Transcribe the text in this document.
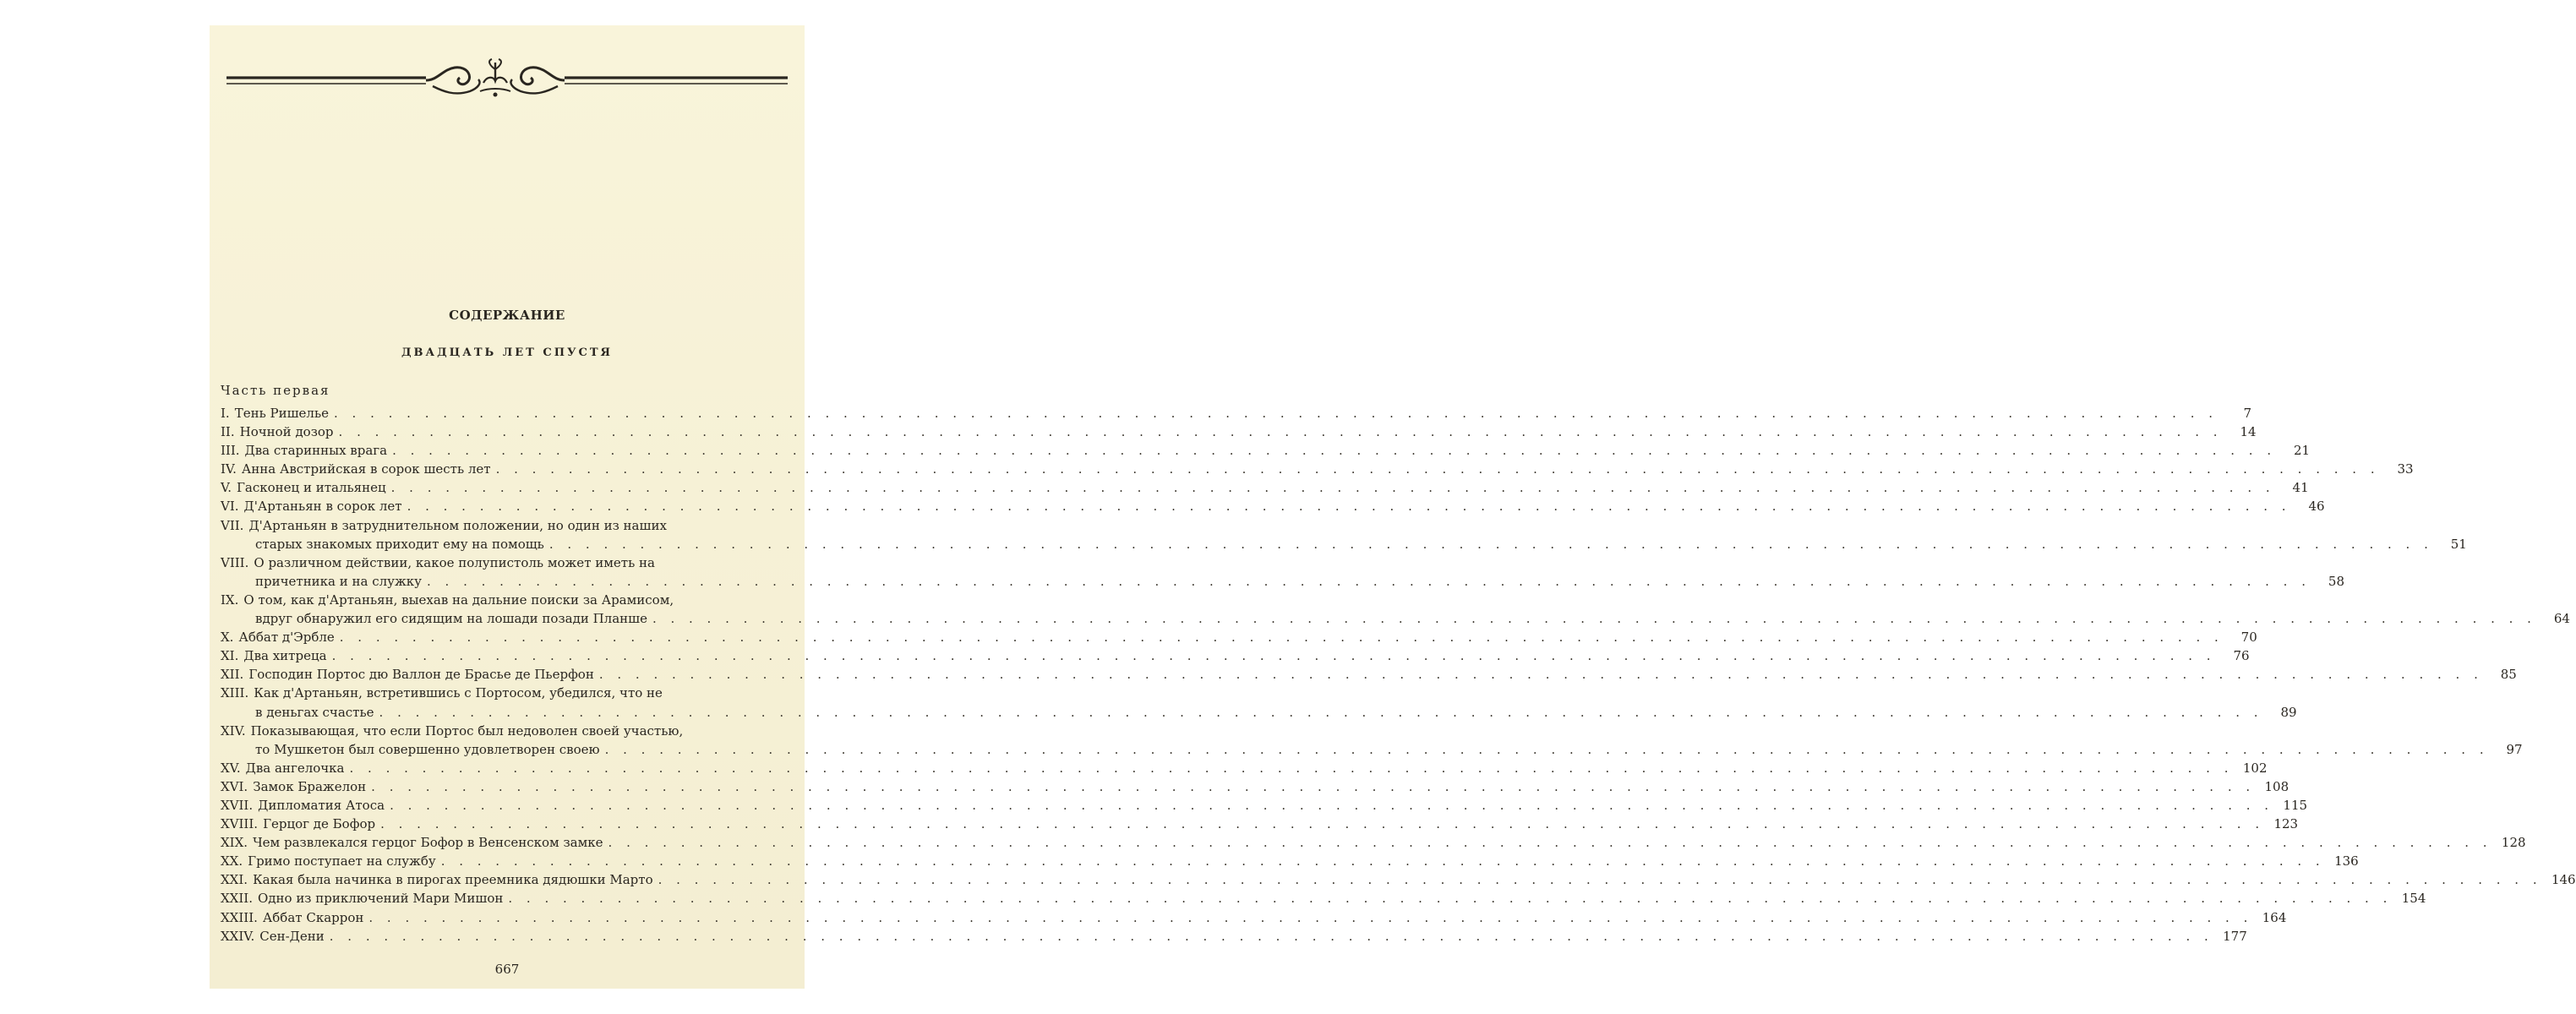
СОДЕРЖАНИЕ
ДВАДЦАТЬ ЛЕТ СПУСТЯ
Часть первая
I. Тень Ришелье . . .	7
II. Ночной дозор . . .	14
III. Два старинных врага . . .	21
IV. Анна Австрийская в сорок шесть лет . . .	33
V. Гасконец и итальянец . . .	41
VI. Д'Артаньян в сорок лет . . .	46
VII. Д'Артаньян в затруднительном положении, но один из наших
старых знакомых приходит ему на помощь . . .	51
VIII. О различном действии, какое полупистоль может иметь на
причетника и на служку . . .	58
IX. О том, как д'Артаньян, выехав на дальние поиски за Арамисом,
вдруг обнаружил его сидящим на лошади позади Планше . . .	64
X. Аббат д'Эрбле . . .	70
XI. Два хитреца . . .	76
XII. Господин Портос дю Валлон де Брасье де Пьерфон . . .	85
XIII. Как д'Артаньян, встретившись с Портосом, убедился, что не
в деньгах счастье . . .	89
XIV. Показывающая, что если Портос был недоволен своей участью,
то Мушкетон был совершенно удовлетворен своею . . .	97
XV. Два ангелочка . . .	102
XVI. Замок Бражелон . . .	108
XVII. Дипломатия Атоса . . .	115
XVIII. Герцог де Бофор . . .	123
XIX. Чем развлекался герцог Бофор в Венсенском замке . . .	128
XX. Гримо поступает на службу . . .	136
XXI. Какая была начинка в пирогах преемника дядюшки Марто . . .	146
XXII. Одно из приключений Мари Мишон . . .	154
XXIII. Аббат Скаррон . . .	164
XXIV. Сен-Дени . . .	177
667
